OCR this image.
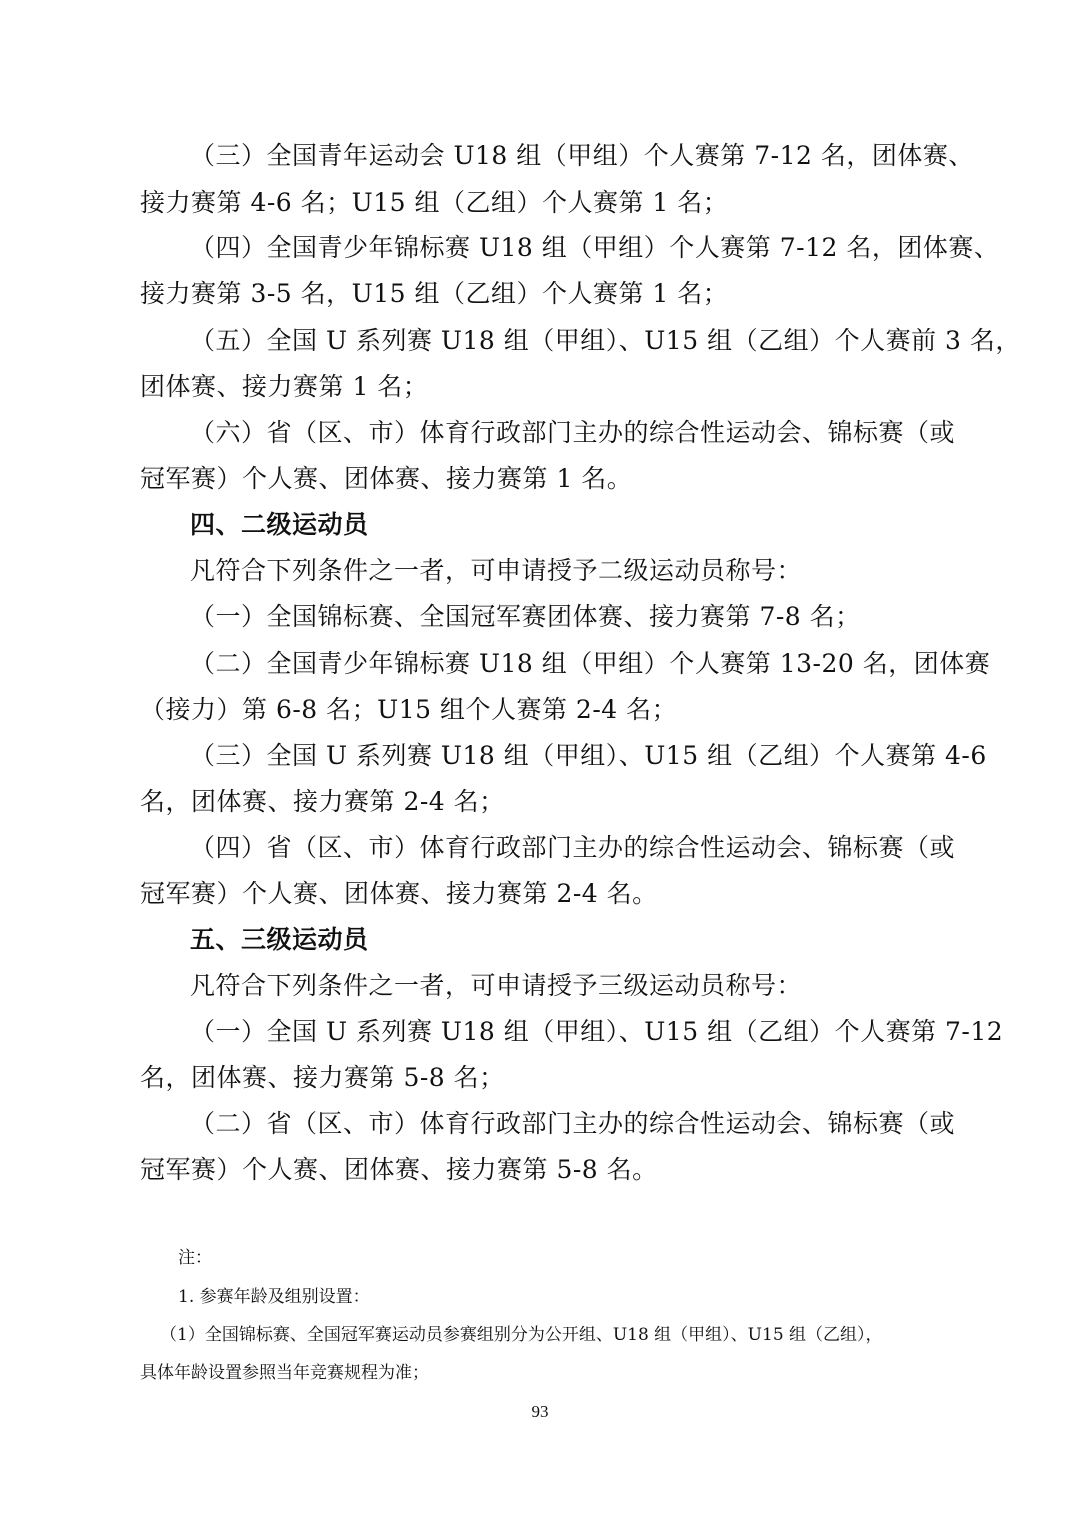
（三）全国青年运动会 U18 组（甲组）个人赛第 7-12 名，团体赛、
接力赛第 4-6 名；U15 组（乙组）个人赛第 1 名；
（四）全国青少年锦标赛 U18 组（甲组）个人赛第 7-12 名，团体赛、
接力赛第 3-5 名，U15 组（乙组）个人赛第 1 名；
（五）全国 U 系列赛 U18 组（甲组）、U15 组（乙组）个人赛前 3 名，
团体赛、接力赛第 1 名；
（六）省（区、市）体育行政部门主办的综合性运动会、锦标赛（或
冠军赛）个人赛、团体赛、接力赛第 1 名。
四、二级运动员
凡符合下列条件之一者，可申请授予二级运动员称号：
（一）全国锦标赛、全国冠军赛团体赛、接力赛第 7-8 名；
（二）全国青少年锦标赛 U18 组（甲组）个人赛第 13-20 名，团体赛
（接力）第 6-8 名；U15 组个人赛第 2-4 名；
（三）全国 U 系列赛 U18 组（甲组）、U15 组（乙组）个人赛第 4-6
名，团体赛、接力赛第 2-4 名；
（四）省（区、市）体育行政部门主办的综合性运动会、锦标赛（或
冠军赛）个人赛、团体赛、接力赛第 2-4 名。
五、三级运动员
凡符合下列条件之一者，可申请授予三级运动员称号：
（一）全国 U 系列赛 U18 组（甲组）、U15 组（乙组）个人赛第 7-12
名，团体赛、接力赛第 5-8 名；
（二）省（区、市）体育行政部门主办的综合性运动会、锦标赛（或
冠军赛）个人赛、团体赛、接力赛第 5-8 名。
注：
1. 参赛年龄及组别设置：
（1）全国锦标赛、全国冠军赛运动员参赛组别分为公开组、U18 组（甲组）、U15 组（乙组），
具体年龄设置参照当年竞赛规程为准；
93
